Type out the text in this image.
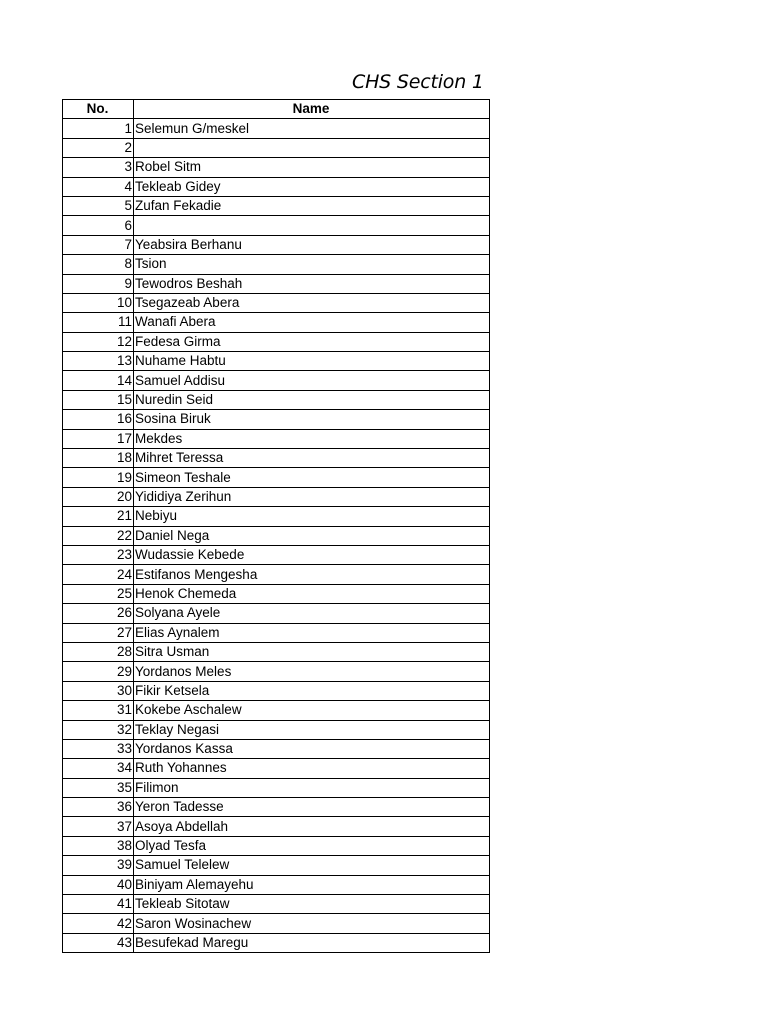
CHS Section 1
No.	Name
1	Selemun G/meskel
2	
3	Robel Sitm
4	Tekleab Gidey
5	Zufan Fekadie
6	
7	Yeabsira Berhanu
8	Tsion
9	Tewodros Beshah
10	Tsegazeab Abera
11	Wanafi Abera
12	Fedesa Girma
13	Nuhame Habtu
14	Samuel Addisu
15	Nuredin Seid
16	Sosina Biruk
17	Mekdes
18	Mihret Teressa
19	Simeon Teshale
20	Yididiya Zerihun
21	Nebiyu
22	Daniel Nega
23	Wudassie Kebede
24	Estifanos Mengesha
25	Henok Chemeda
26	Solyana Ayele
27	Elias Aynalem
28	Sitra Usman
29	Yordanos Meles
30	Fikir Ketsela
31	Kokebe Aschalew
32	Teklay Negasi
33	Yordanos Kassa
34	Ruth Yohannes
35	Filimon
36	Yeron Tadesse
37	Asoya Abdellah
38	Olyad Tesfa
39	Samuel Telelew
40	Biniyam Alemayehu
41	Tekleab Sitotaw
42	Saron Wosinachew
43	Besufekad Maregu
